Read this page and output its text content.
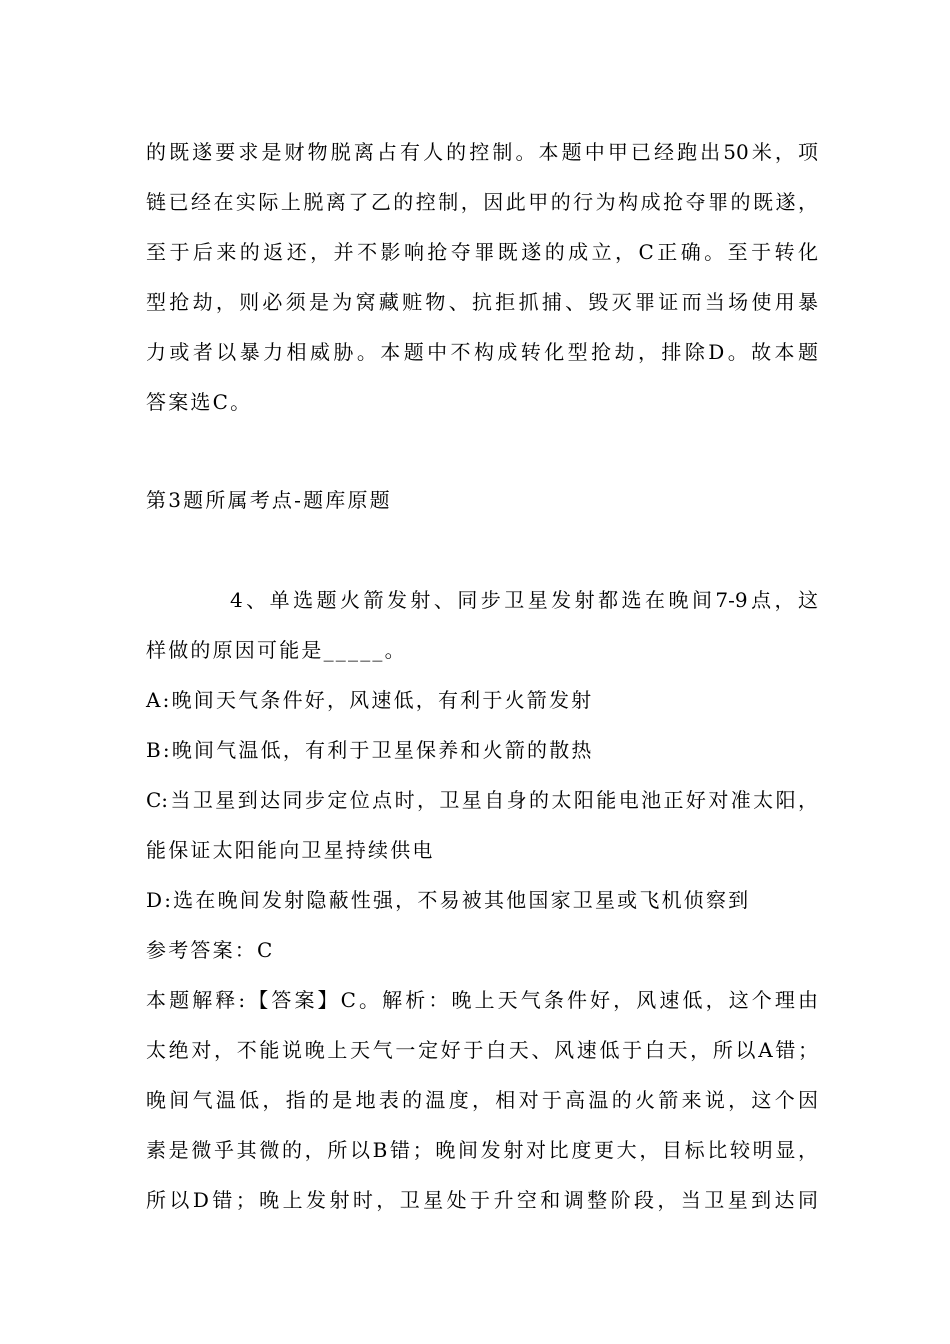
的既遂要求是财物脱离占有人的控制。本题中甲已经跑出50米，项
链已经在实际上脱离了乙的控制，因此甲的行为构成抢夺罪的既遂，
至于后来的返还，并不影响抢夺罪既遂的成立，C正确。至于转化
型抢劫，则必须是为窝藏赃物、抗拒抓捕、毁灭罪证而当场使用暴
力或者以暴力相威胁。本题中不构成转化型抢劫，排除D。故本题
答案选C。
第3题所属考点-题库原题
4、单选题火箭发射、同步卫星发射都选在晚间7-9点，这
样做的原因可能是_____。
A:晚间天气条件好，风速低，有利于火箭发射
B:晚间气温低，有利于卫星保养和火箭的散热
C:当卫星到达同步定位点时，卫星自身的太阳能电池正好对准太阳，
能保证太阳能向卫星持续供电
D:选在晚间发射隐蔽性强，不易被其他国家卫星或飞机侦察到
参考答案：C
本题解释:【答案】C。解析：晚上天气条件好，风速低，这个理由
太绝对，不能说晚上天气一定好于白天、风速低于白天，所以A错；
晚间气温低，指的是地表的温度，相对于高温的火箭来说，这个因
素是微乎其微的，所以B错；晚间发射对比度更大，目标比较明显，
所以D错；晚上发射时，卫星处于升空和调整阶段，当卫星到达同
